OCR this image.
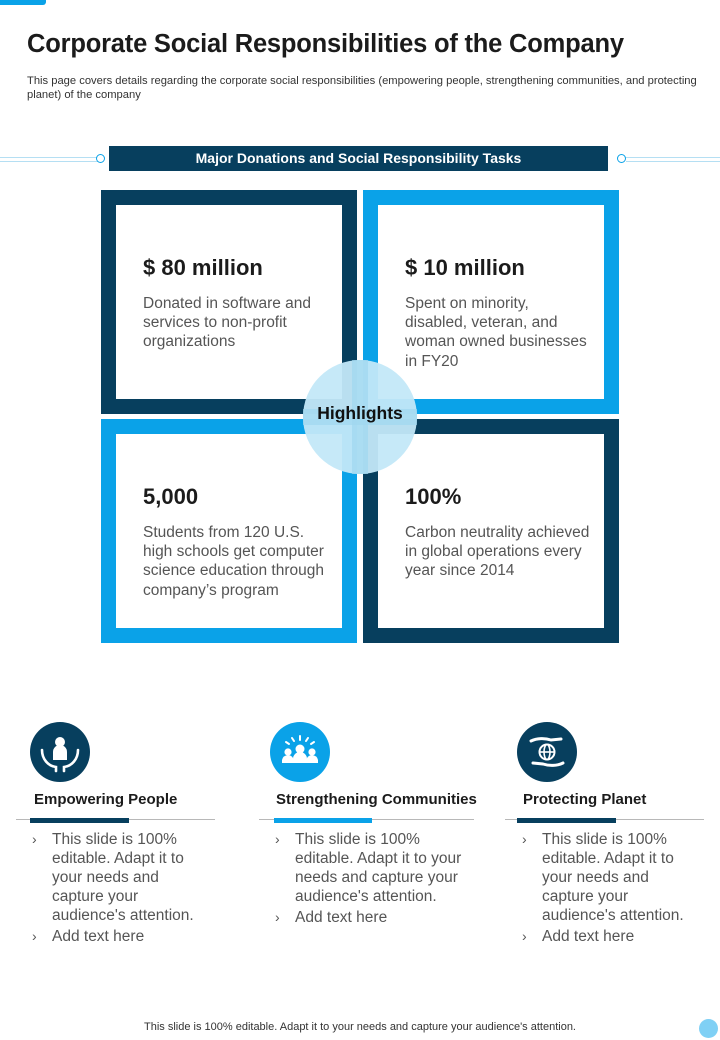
Corporate Social Responsibilities of the Company

This page covers details regarding the corporate social responsibilities (empowering people, strengthening communities, and protecting planet) of the company

Major Donations and Social Responsibility Tasks
$ 80 million
Donated in software and services to non-profit organizations
$ 10 million
Spent on minority, disabled, veteran, and woman owned businesses in FY20
5,000
Students from 120 U.S. high schools get computer science education through company’s program
100%
Carbon neutrality achieved in global operations every year since 2014
Highlights
Empowering People
› This slide is 100% editable. Adapt it to your needs and capture your audience's attention.
› Add text here
Strengthening Communities
› This slide is 100% editable. Adapt it to your needs and capture your audience's attention.
› Add text here
Protecting Planet
› This slide is 100% editable. Adapt it to your needs and capture your audience's attention.
› Add text here
This slide is 100% editable. Adapt it to your needs and capture your audience's attention.
